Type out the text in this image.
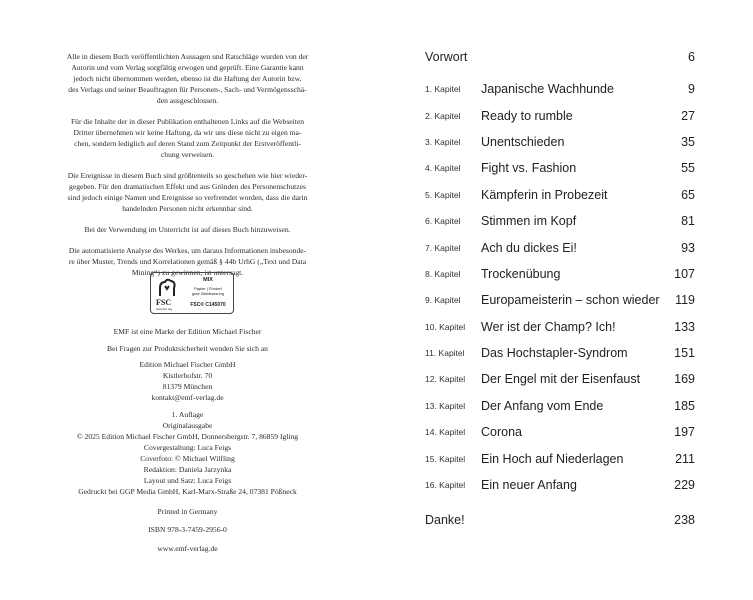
Alle in diesem Buch veröffentlichten Aussagen und Ratschläge wurden von der
Autorin und vom Verlag sorgfältig erwogen und geprüft. Eine Garantie kann
jedoch nicht übernommen werden, ebenso ist die Haftung der Autorin bzw.
des Verlags und seiner Beauftragten für Personen-, Sach- und Vermögensschä-
den ausgeschlossen.
Für die Inhalte der in dieser Publikation enthaltenen Links auf die Webseiten
Dritter übernehmen wir keine Haftung, da wir uns diese nicht zu eigen ma-
chen, sondern lediglich auf deren Stand zum Zeitpunkt der Erstveröffentli-
chung verweisen.
Die Ereignisse in diesem Buch sind größtenteils so geschehen wie hier wieder-
gegeben. Für den dramatischen Effekt und aus Gründen des Personenschutzes
sind jedoch einige Namen und Ereignisse so verfremdet worden, dass die darin
handelnden Personen nicht erkennbar sind.
Bei der Verwendung im Unterricht ist auf dieses Buch hinzuweisen.
Die automatisierte Analyse des Werkes, um daraus Informationen insbesonde-
re über Muster, Trends und Korrelationen gemäß § 44b UrhG („Text und Data
Mining“) zu gewinnen, ist untersagt.
FSC
www.fsc.org
MIX
Papier | Fördert
gute Waldnutzung
FSC® C145070
EMF ist eine Marke der Edition Michael Fischer
Bei Fragen zur Produktsicherheit wenden Sie sich an
Edition Michael Fischer GmbH
Kistlerhofstr. 70
81379 München
kontakt@emf-verlag.de
1. Auflage
Originalausgabe
© 2025 Edition Michael Fischer GmbH, Donnersbergstr. 7, 86859 Igling
Covergestaltung: Luca Feigs
Coverfoto: © Michael Wilfling
Redaktion: Daniela Jarzynka
Layout und Satz: Luca Feigs
Gedruckt bei GGP Media GmbH, Karl-Marx-Straße 24, 07381 Pößneck
Printed in Germany
ISBN 978-3-7459-2956-0
www.emf-verlag.de
Vorwort	6
1. Kapitel Japanische Wachhunde	9
2. Kapitel Ready to rumble	27
3. Kapitel Unentschieden	35
4. Kapitel Fight vs. Fashion	55
5. Kapitel Kämpferin in Probezeit	65
6. Kapitel Stimmen im Kopf	81
7. Kapitel Ach du dickes Ei!	93
8. Kapitel Trockenübung	107
9. Kapitel Europameisterin – schon wieder 119
10. Kapitel Wer ist der Champ? Ich!	133
11. Kapitel Das Hochstapler-Syndrom	151
12. Kapitel Der Engel mit der Eisenfaust	169
13. Kapitel Der Anfang vom Ende	185
14. Kapitel Corona	197
15. Kapitel Ein Hoch auf Niederlagen	211
16. Kapitel Ein neuer Anfang	229
Danke!	238
